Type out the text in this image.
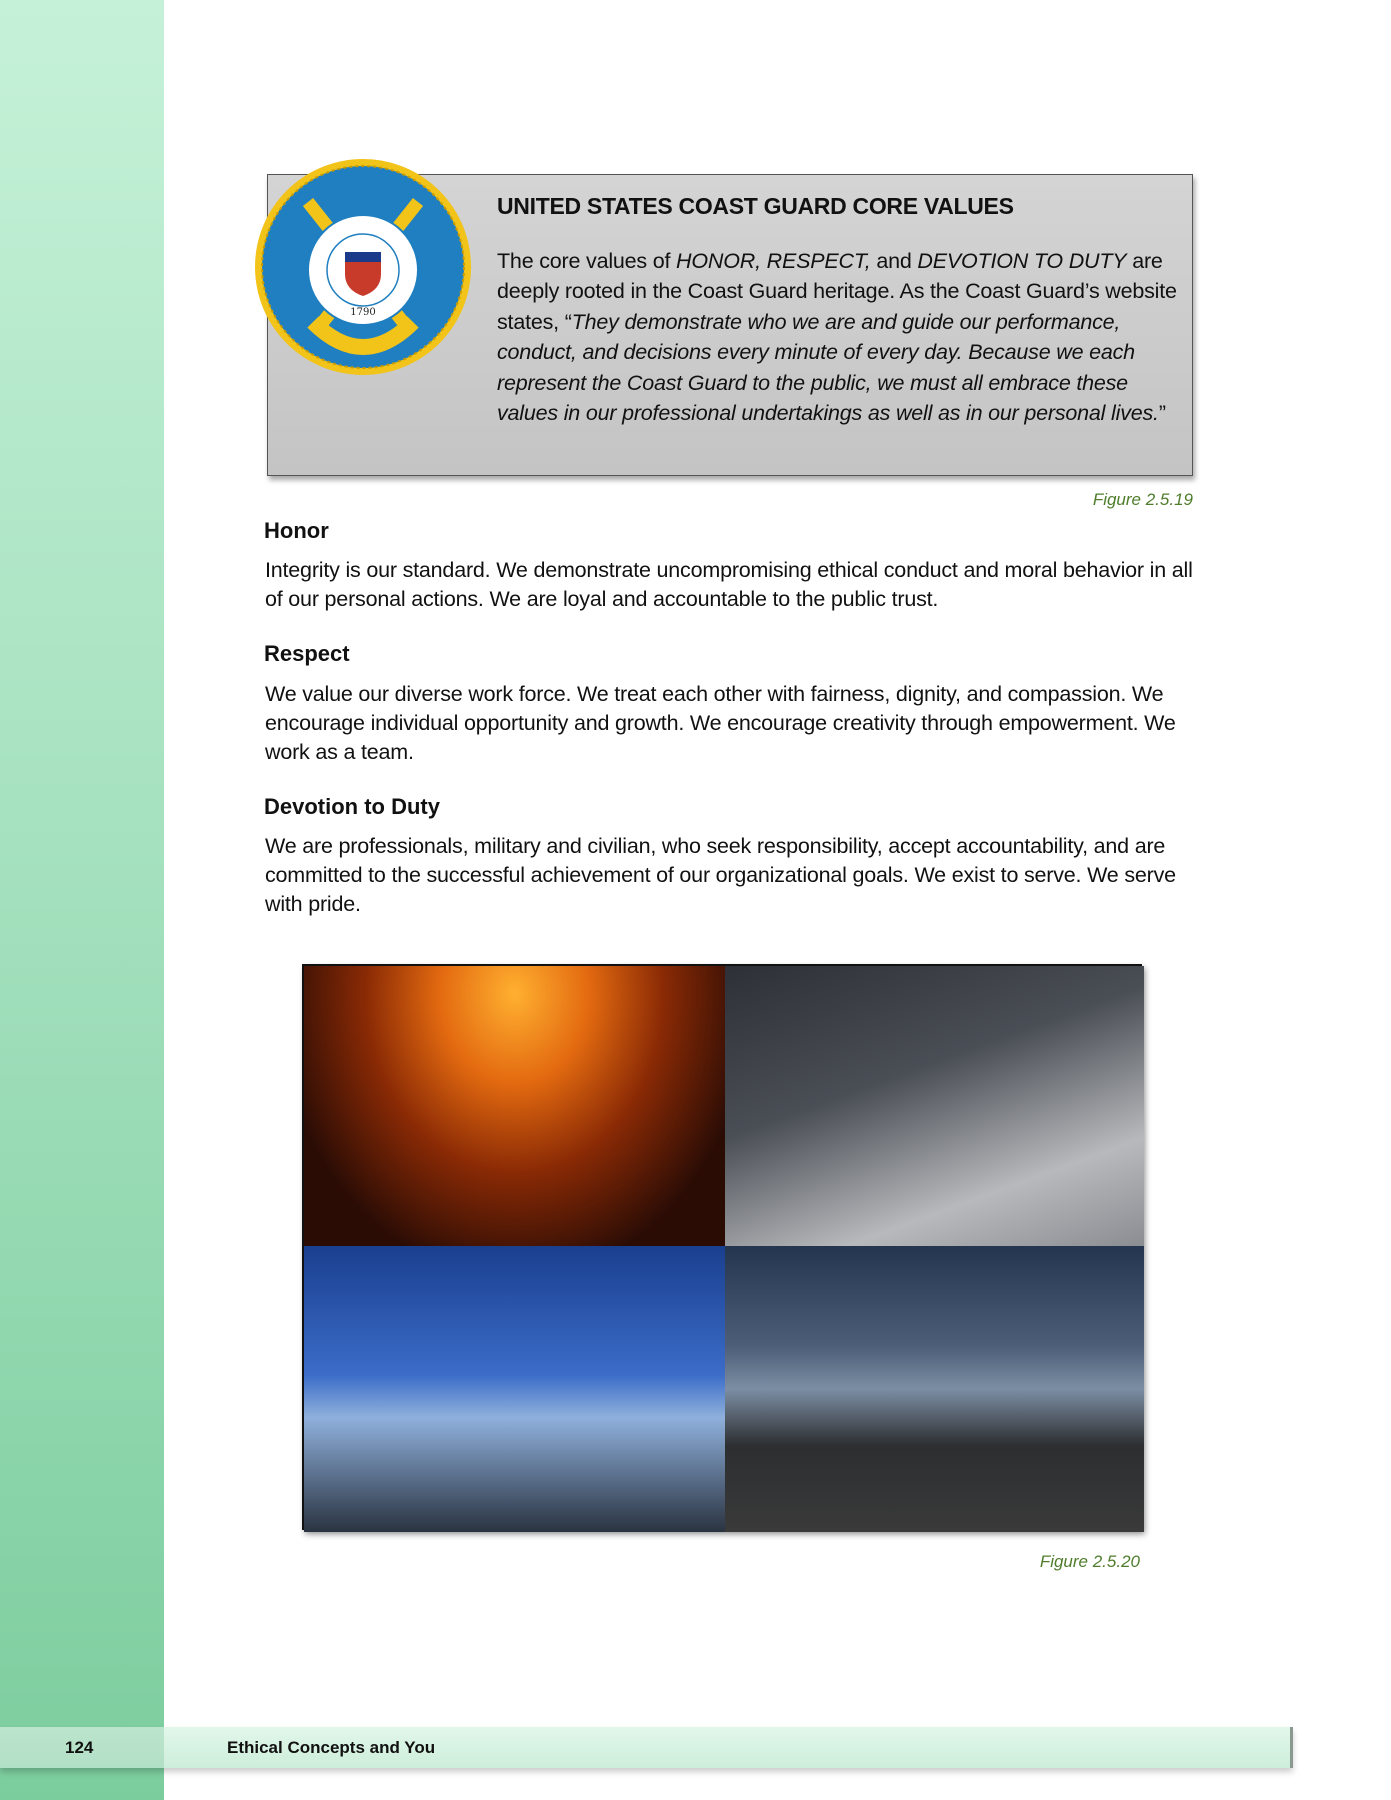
1790
UNITED STATES COAST GUARD CORE VALUES
The core values of HONOR, RESPECT, and DEVOTION TO DUTY are deeply rooted in the Coast Guard heritage. As the Coast Guard’s website states, “They demonstrate who we are and guide our performance, conduct, and decisions every minute of every day. Because we each represent the Coast Guard to the public, we must all embrace these values in our professional undertakings as well as in our personal lives.”
Figure 2.5.19
Honor
Integrity is our standard. We demonstrate uncompromising ethical conduct and moral behavior in all of our personal actions. We are loyal and accountable to the public trust.
Respect
We value our diverse work force. We treat each other with fairness, dignity, and compassion. We encourage individual opportunity and growth. We encourage creativity through empowerment. We work as a team.
Devotion to Duty
We are professionals, military and civilian, who seek responsibility, accept accountability, and are committed to the successful achievement of our organizational goals. We exist to serve. We serve with pride.
Figure 2.5.20
124	Ethical Concepts and You
